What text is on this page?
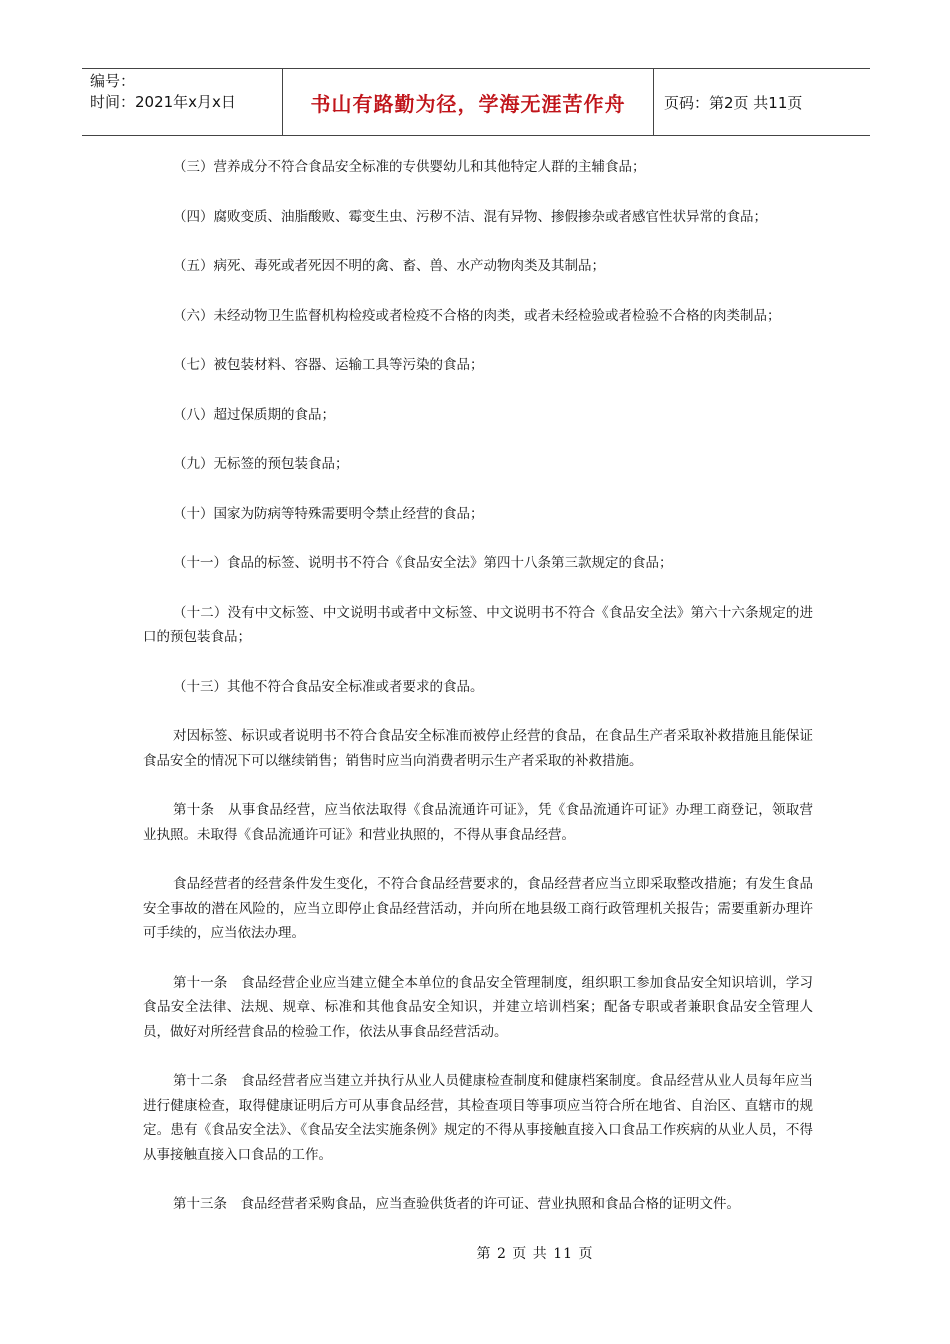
编号：
时间：2021年x月x日	书山有路勤为径，学海无涯苦作舟	页码：第2页 共11页
（三）营养成分不符合食品安全标准的专供婴幼儿和其他特定人群的主辅食品；
（四）腐败变质、油脂酸败、霉变生虫、污秽不洁、混有异物、掺假掺杂或者感官性状异常的食品；
（五）病死、毒死或者死因不明的禽、畜、兽、水产动物肉类及其制品；
（六）未经动物卫生监督机构检疫或者检疫不合格的肉类，或者未经检验或者检验不合格的肉类制品；
（七）被包装材料、容器、运输工具等污染的食品；
（八）超过保质期的食品；
（九）无标签的预包装食品；
（十）国家为防病等特殊需要明令禁止经营的食品；
（十一）食品的标签、说明书不符合《食品安全法》第四十八条第三款规定的食品；
（十二）没有中文标签、中文说明书或者中文标签、中文说明书不符合《食品安全法》第六十六条规定的进口的预包装食品；
（十三）其他不符合食品安全标准或者要求的食品。
对因标签、标识或者说明书不符合食品安全标准而被停止经营的食品，在食品生产者采取补救措施且能保证食品安全的情况下可以继续销售；销售时应当向消费者明示生产者采取的补救措施。
第十条　从事食品经营，应当依法取得《食品流通许可证》，凭《食品流通许可证》办理工商登记，领取营业执照。未取得《食品流通许可证》和营业执照的，不得从事食品经营。
食品经营者的经营条件发生变化，不符合食品经营要求的，食品经营者应当立即采取整改措施；有发生食品安全事故的潜在风险的，应当立即停止食品经营活动，并向所在地县级工商行政管理机关报告；需要重新办理许可手续的，应当依法办理。
第十一条　食品经营企业应当建立健全本单位的食品安全管理制度，组织职工参加食品安全知识培训，学习食品安全法律、法规、规章、标准和其他食品安全知识，并建立培训档案；配备专职或者兼职食品安全管理人员，做好对所经营食品的检验工作，依法从事食品经营活动。
第十二条　食品经营者应当建立并执行从业人员健康检查制度和健康档案制度。食品经营从业人员每年应当进行健康检查，取得健康证明后方可从事食品经营，其检查项目等事项应当符合所在地省、自治区、直辖市的规定。患有《食品安全法》、《食品安全法实施条例》规定的不得从事接触直接入口食品工作疾病的从业人员，不得从事接触直接入口食品的工作。
第十三条　食品经营者采购食品，应当查验供货者的许可证、营业执照和食品合格的证明文件。
第 2 页 共 11 页
